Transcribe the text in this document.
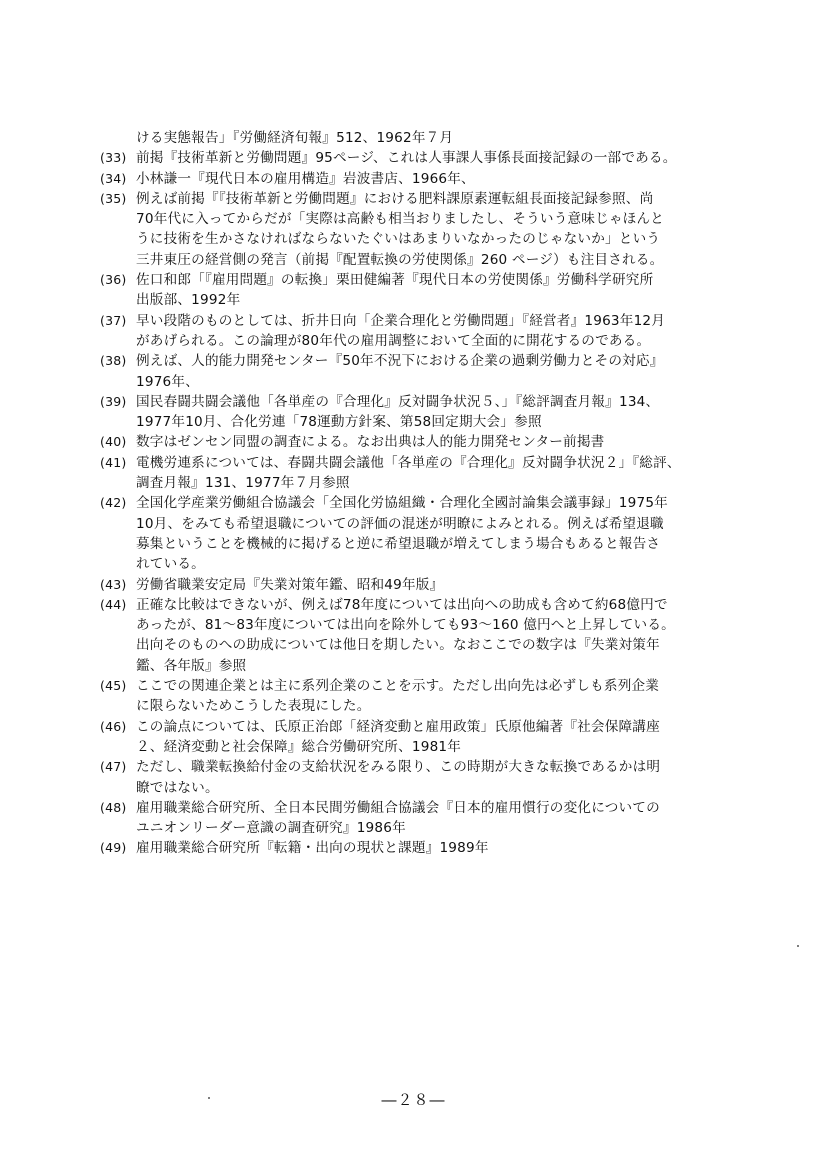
ける実態報告」『労働経済旬報』512、1962年７月
(33) 前掲『技術革新と労働問題』95ページ、これは人事課人事係長面接記録の一部である。
(34) 小林謙一『現代日本の雇用構造』岩波書店、1966年、
(35) 例えば前掲『『技術革新と労働問題』における肥料課原素運転組長面接記録参照、尚
70年代に入ってからだが「実際は高齢も相当おりましたし、そういう意味じゃほんと
うに技術を生かさなければならないたぐいはあまりいなかったのじゃないか」という
三井東圧の経営側の発言（前掲『配置転換の労使関係』260 ページ）も注目される。
(36) 佐口和郎「『雇用問題』の転換」栗田健編著『現代日本の労使関係』労働科学研究所
出版部、1992年
(37) 早い段階のものとしては、折井日向「企業合理化と労働問題」『経営者』1963年12月
があげられる。この論理が80年代の雇用調整において全面的に開花するのである。
(38) 例えば、人的能力開発センター『50年不況下における企業の過剰労働力とその対応』
1976年、
(39) 国民春闘共闘会議他「各単産の『合理化』反対闘争状況５、」『総評調査月報』134、
1977年10月、合化労連「78運動方針案、第58回定期大会」参照
(40) 数字はゼンセン同盟の調査による。なお出典は人的能力開発センター前掲書
(41) 電機労連系については、春闘共闘会議他「各単産の『合理化』反対闘争状況２」『総評、
調査月報』131、1977年７月参照
(42) 全国化学産業労働組合協議会「全国化労協組織・合理化全國討論集会議事録」1975年
10月、をみても希望退職についての評価の混迷が明瞭によみとれる。例えば希望退職
募集ということを機械的に掲げると逆に希望退職が増えてしまう場合もあると報告さ
れている。
(43) 労働省職業安定局『失業対策年鑑、昭和49年版』
(44) 正確な比較はできないが、例えば78年度については出向への助成も含めて約68億円で
あったが、81～83年度については出向を除外しても93～160 億円へと上昇している。
出向そのものへの助成については他日を期したい。なおここでの数字は『失業対策年
鑑、各年版』参照
(45) ここでの関連企業とは主に系列企業のことを示す。ただし出向先は必ずしも系列企業
に限らないためこうした表現にした。
(46) この論点については、氏原正治郎「経済変動と雇用政策」氏原他編著『社会保障講座
２、経済変動と社会保障』総合労働研究所、1981年
(47) ただし、職業転換給付金の支給状況をみる限り、この時期が大きな転換であるかは明
瞭ではない。
(48) 雇用職業総合研究所、全日本民間労働組合協議会『日本的雇用慣行の変化についての
ユニオンリーダー意識の調査研究』1986年
(49) 雇用職業総合研究所『転籍・出向の現状と課題』1989年
―２８―
